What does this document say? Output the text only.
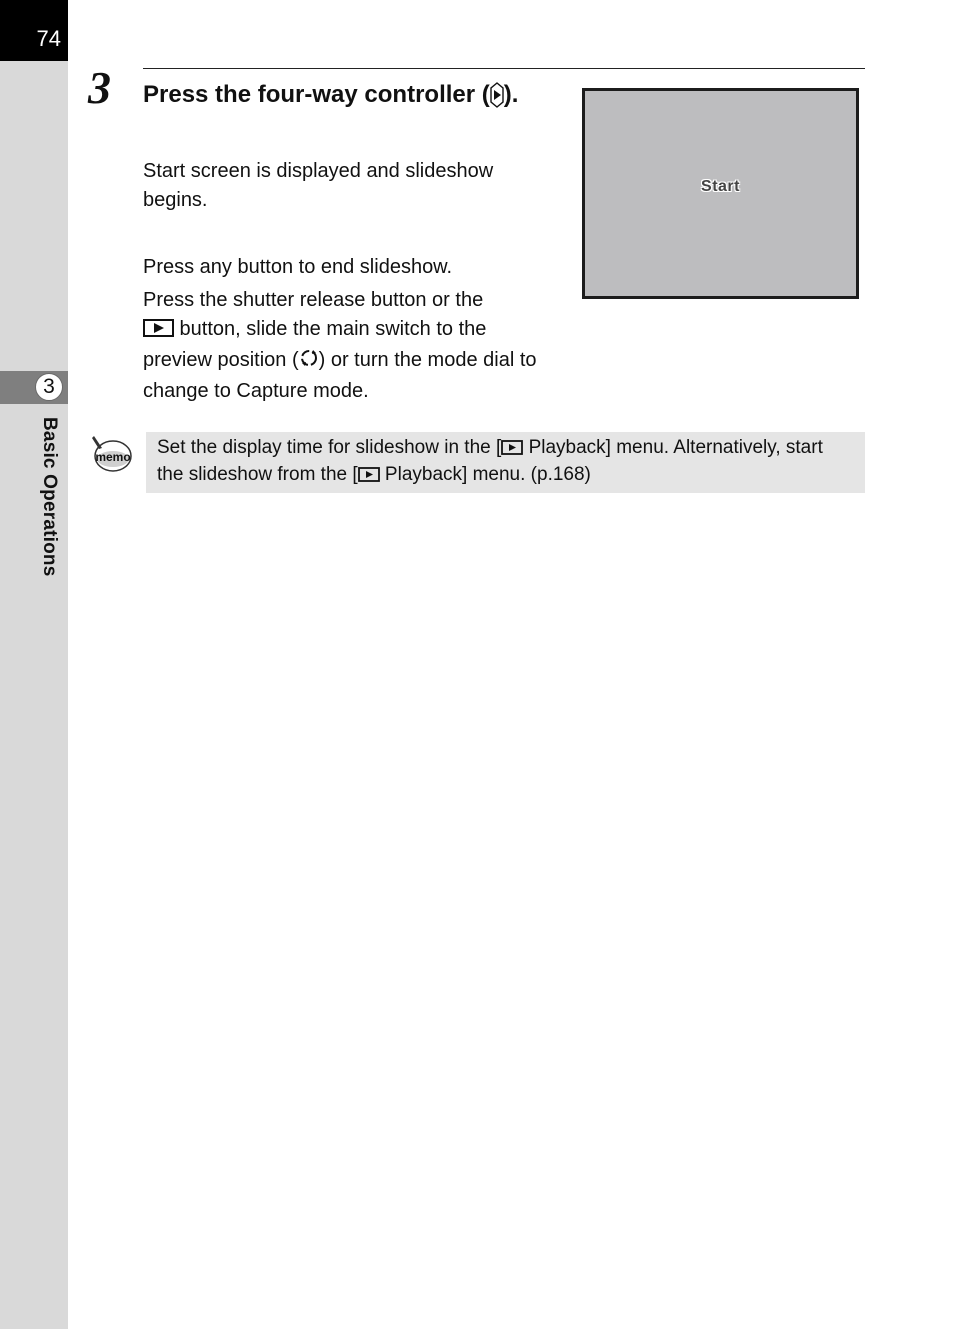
74
3
Basic Operations
3 Press the four-way controller ( ).
Start screen is displayed and slideshow begins.
Press any button to end slideshow.
Press the shutter release button or the
button, slide the main switch to the preview position ( ) or turn the mode dial to change to Capture mode.
Start
memo	Set the display time for slideshow in the [ Playback] menu. Alternatively, start the slideshow from the [ Playback] menu. (p.168)
